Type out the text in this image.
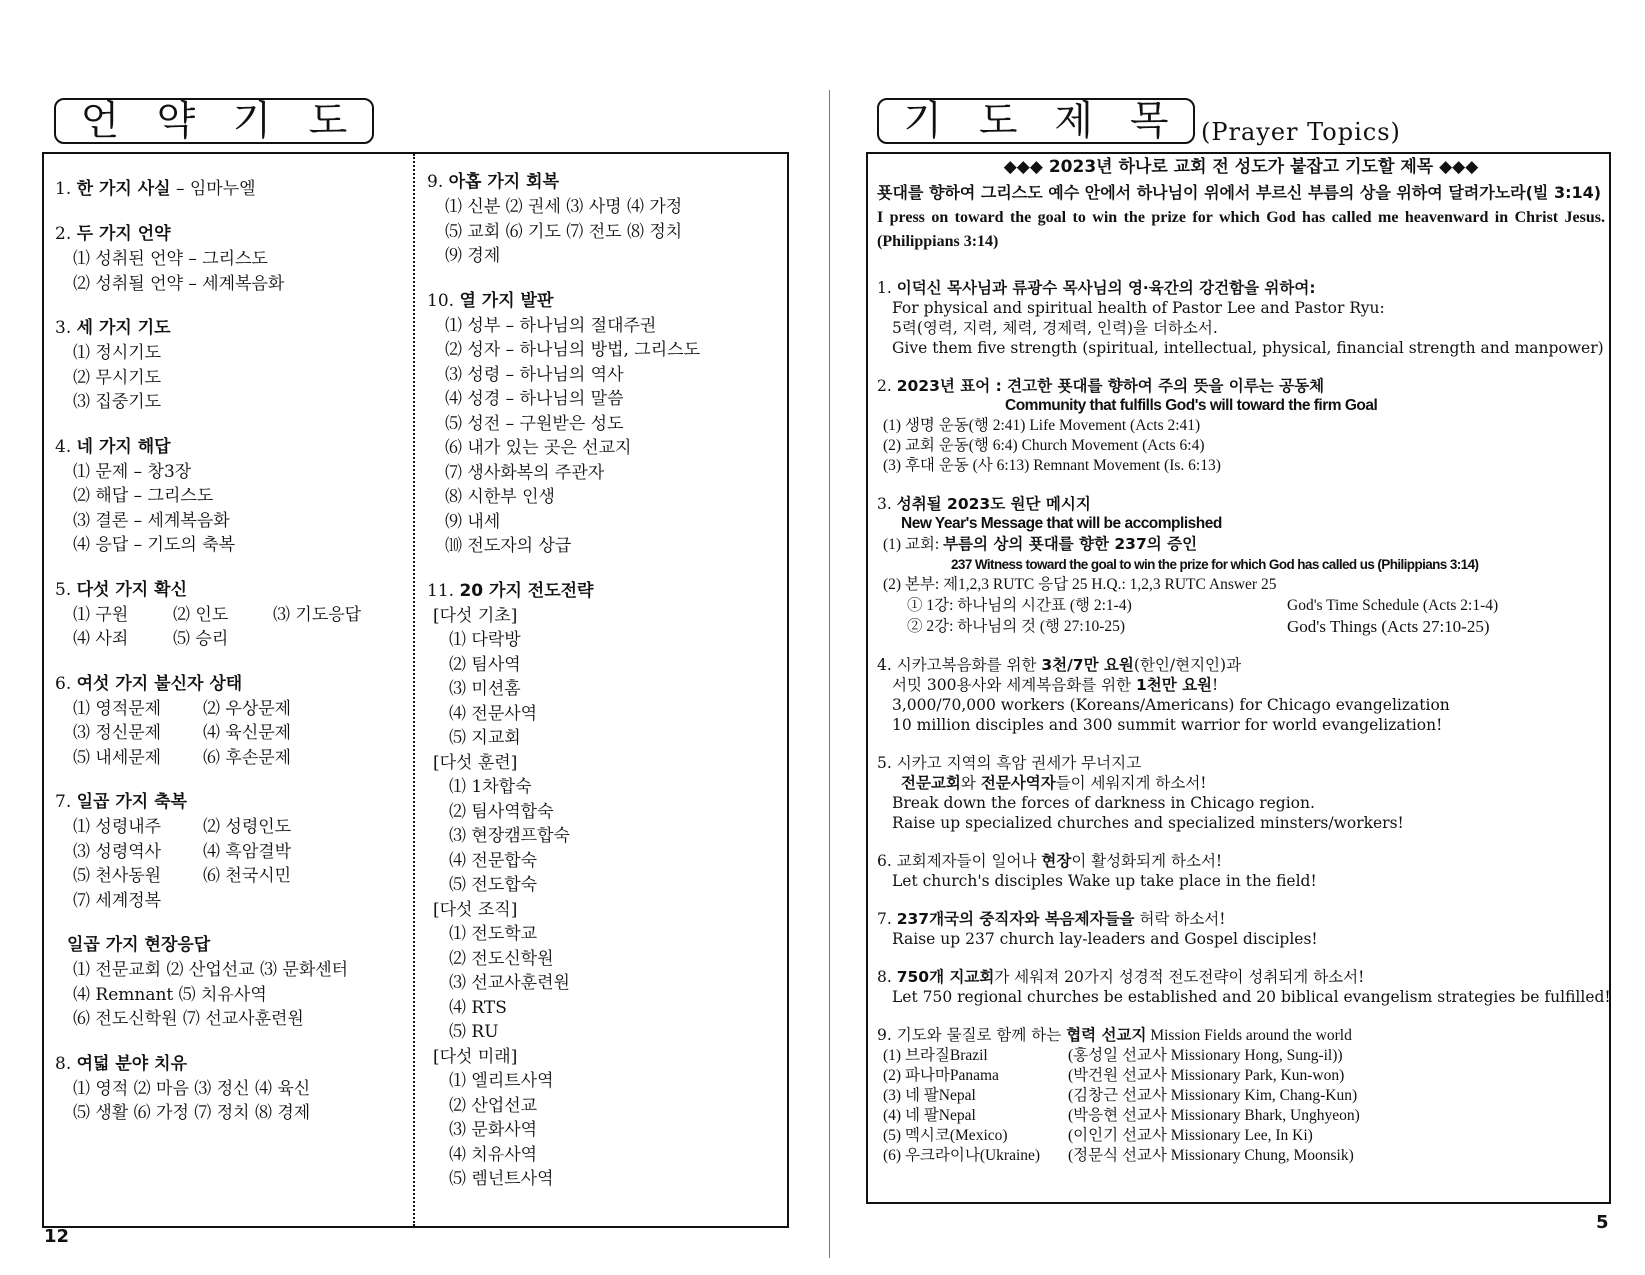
언 약 기 도
1. 한 가지 사실 – 임마누엘
2. 두 가지 언약
⑴ 성취된 언약 – 그리스도
⑵ 성취될 언약 – 세계복음화
3. 세 가지 기도
⑴ 정시기도
⑵ 무시기도
⑶ 집중기도
4. 네 가지 해답
⑴ 문제 – 창3장
⑵ 해답 – 그리스도
⑶ 결론 – 세계복음화
⑷ 응답 – 기도의 축복
5. 다섯 가지 확신
⑴ 구원	⑵ 인도	⑶ 기도응답
⑷ 사죄	⑸ 승리
6. 여섯 가지 불신자 상태
⑴ 영적문제	⑵ 우상문제
⑶ 정신문제	⑷ 육신문제
⑸ 내세문제	⑹ 후손문제
7. 일곱 가지 축복
⑴ 성령내주	⑵ 성령인도
⑶ 성령역사	⑷ 흑암결박
⑸ 천사동원	⑹ 천국시민
⑺ 세계정복
일곱 가지 현장응답
⑴ 전문교회 ⑵ 산업선교 ⑶ 문화센터
⑷ Remnant ⑸ 치유사역
⑹ 전도신학원 ⑺ 선교사훈련원
8. 여덟 분야 치유
⑴ 영적 ⑵ 마음 ⑶ 정신 ⑷ 육신
⑸ 생활 ⑹ 가정 ⑺ 정치 ⑻ 경제
9. 아홉 가지 회복
⑴ 신분 ⑵ 권세 ⑶ 사명 ⑷ 가정
⑸ 교회 ⑹ 기도 ⑺ 전도 ⑻ 정치
⑼ 경제
10. 열 가지 발판
⑴ 성부 – 하나님의 절대주권
⑵ 성자 – 하나님의 방법, 그리스도
⑶ 성령 – 하나님의 역사
⑷ 성경 – 하나님의 말씀
⑸ 성전 – 구원받은 성도
⑹ 내가 있는 곳은 선교지
⑺ 생사화복의 주관자
⑻ 시한부 인생
⑼ 내세
⑽ 전도자의 상급
11. 20 가지 전도전략
[다섯 기초]
⑴ 다락방
⑵ 팀사역
⑶ 미션홈
⑷ 전문사역
⑸ 지교회
[다섯 훈련]
⑴ 1차합숙
⑵ 팀사역합숙
⑶ 현장캠프합숙
⑷ 전문합숙
⑸ 전도합숙
[다섯 조직]
⑴ 전도학교
⑵ 전도신학원
⑶ 선교사훈련원
⑷ RTS
⑸ RU
[다섯 미래]
⑴ 엘리트사역
⑵ 산업선교
⑶ 문화사역
⑷ 치유사역
⑸ 렘넌트사역
12
기 도 제 목 (Prayer Topics)
◆◆◆ 2023년 하나로 교회 전 성도가 붙잡고 기도할 제목 ◆◆◆
푯대를 향하여 그리스도 예수 안에서 하나님이 위에서 부르신 부름의 상을 위하여 달려가노라(빌 3:14)
I press on toward the goal to win the prize for which God has called me heavenward in Christ Jesus. (Philippians 3:14)
1. 이덕신 목사님과 류광수 목사님의 영·육간의 강건함을 위하여:
For physical and spiritual health of Pastor Lee and Pastor Ryu:
5력(영력, 지력, 체력, 경제력, 인력)을 더하소서.
Give them five strength (spiritual, intellectual, physical, financial strength and manpower)
2. 2023년 표어 : 견고한 푯대를 향하여 주의 뜻을 이루는 공동체
Community that fulfills God's will toward the firm Goal
(1) 생명 운동(행 2:41) Life Movement (Acts 2:41)
(2) 교회 운동(행 6:4) Church Movement (Acts 6:4)
(3) 후대 운동 (사 6:13) Remnant Movement (Is. 6:13)
3. 성취될 2023도 원단 메시지
New Year's Message that will be accomplished
(1) 교회: 부름의 상의 푯대를 향한 237의 증인
237 Witness toward the goal to win the prize for which God has called us (Philippians 3:14)
(2) 본부: 제1,2,3 RUTC 응답 25 H.Q.: 1,2,3 RUTC Answer 25
① 1강: 하나님의 시간표 (행 2:1-4)	God's Time Schedule (Acts 2:1-4)
② 2강: 하나님의 것 (행 27:10-25)	God's Things (Acts 27:10-25)
4. 시카고복음화를 위한 3천/7만 요원(한인/현지인)과
서밋 300용사와 세계복음화를 위한 1천만 요원!
3,000/70,000 workers (Koreans/Americans) for Chicago evangelization
10 million disciples and 300 summit warrior for world evangelization!
5. 시카고 지역의 흑암 권세가 무너지고
전문교회와 전문사역자들이 세워지게 하소서!
Break down the forces of darkness in Chicago region.
Raise up specialized churches and specialized minsters/workers!
6. 교회제자들이 일어나 현장이 활성화되게 하소서!
Let church's disciples Wake up take place in the field!
7. 237개국의 중직자와 복음제자들을 허락 하소서!
Raise up 237 church lay-leaders and Gospel disciples!
8. 750개 지교회가 세워져 20가지 성경적 전도전략이 성취되게 하소서!
Let 750 regional churches be established and 20 biblical evangelism strategies be fulfilled!
9. 기도와 물질로 함께 하는 협력 선교지 Mission Fields around the world
(1) 브라질Brazil	(홍성일 선교사 Missionary Hong, Sung-il))
(2) 파나마Panama	(박건원 선교사 Missionary Park, Kun-won)
(3) 네 팔Nepal	(김창근 선교사 Missionary Kim, Chang-Kun)
(4) 네 팔Nepal	(박응현 선교사 Missionary Bhark, Unghyeon)
(5) 멕시코(Mexico)	(이인기 선교사 Missionary Lee, In Ki)
(6) 우크라이나(Ukraine)	(정문식 선교사 Missionary Chung, Moonsik)
5
